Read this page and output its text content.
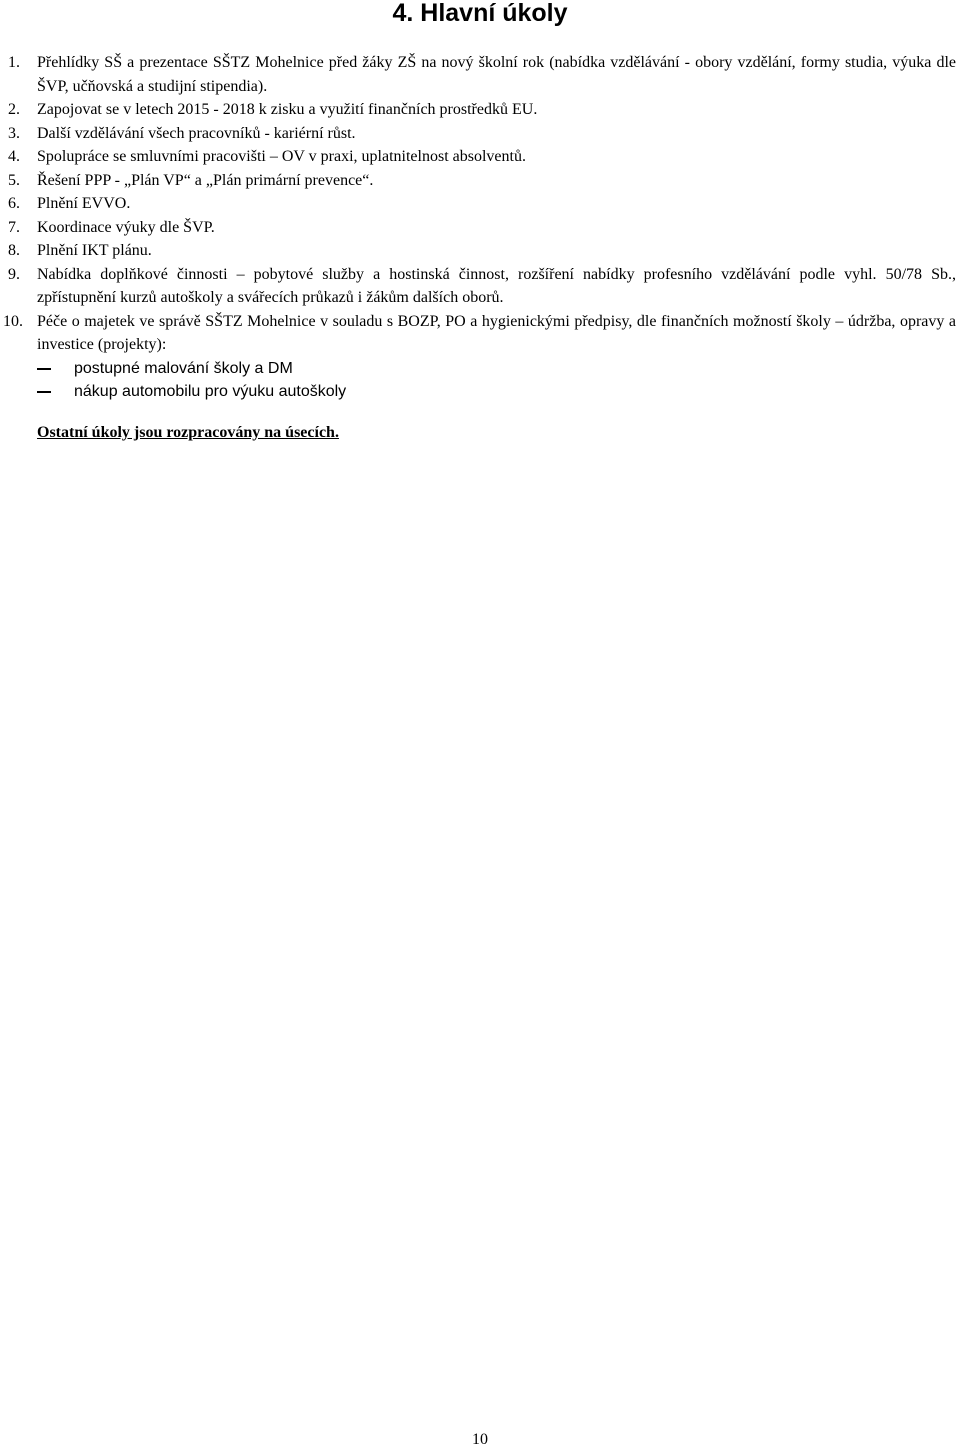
4. Hlavní úkoly
1. Přehlídky SŠ a prezentace SŠTZ Mohelnice před žáky ZŠ na nový školní rok (nabídka vzdělávání - obory vzdělání, formy studia, výuka dle ŠVP, učňovská a studijní stipendia).
2. Zapojovat se v letech 2015 - 2018 k zisku a využití finančních prostředků EU.
3. Další vzdělávání všech pracovníků - kariérní růst.
4. Spolupráce se smluvními pracovišti – OV v praxi, uplatnitelnost absolventů.
5. Řešení PPP - „Plán VP“ a „Plán primární prevence“.
6. Plnění EVVO.
7. Koordinace výuky dle ŠVP.
8. Plnění IKT plánu.
9. Nabídka doplňkové činnosti – pobytové služby a hostinská činnost, rozšíření nabídky profesního vzdělávání podle vyhl. 50/78 Sb., zpřístupnění kurzů autoškoly a svářecích průkazů i žákům dalších oborů.
10. Péče o majetek ve správě SŠTZ Mohelnice v souladu s BOZP, PO a hygienickými předpisy, dle finančních možností školy – údržba, opravy a investice (projekty):
postupné malování školy a DM
nákup automobilu pro výuku autoškoly

Ostatní úkoly jsou rozpracovány na úsecích.

10
